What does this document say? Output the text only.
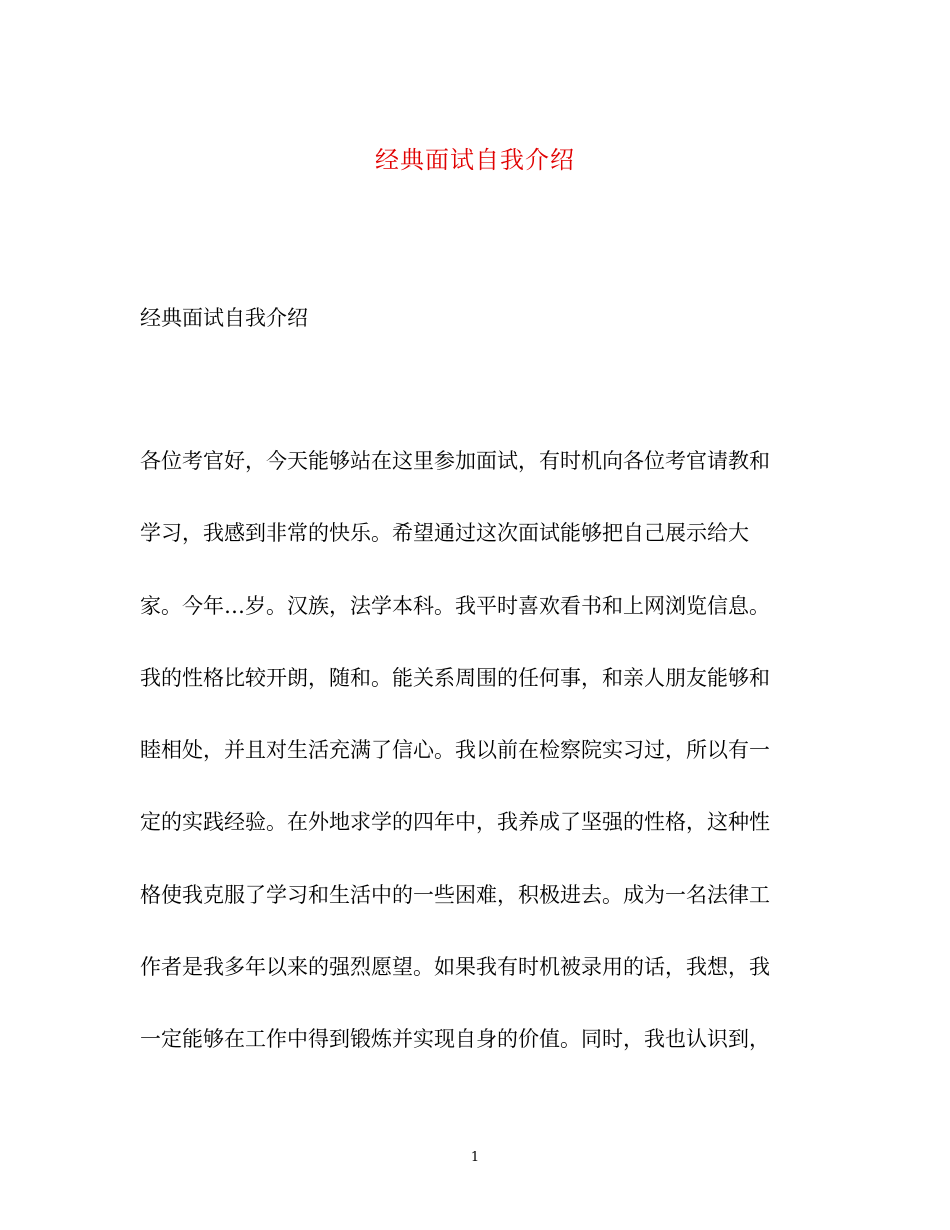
经典面试自我介绍
经典面试自我介绍
各位考官好，今天能够站在这里参加面试，有时机向各位考官请教和
学习，我感到非常的快乐。希望通过这次面试能够把自己展示给大
家。今年…岁。汉族，法学本科。我平时喜欢看书和上网浏览信息。
我的性格比较开朗，随和。能关系周围的任何事，和亲人朋友能够和
睦相处，并且对生活充满了信心。我以前在检察院实习过，所以有一
定的实践经验。在外地求学的四年中，我养成了坚强的性格，这种性
格使我克服了学习和生活中的一些困难，积极进去。成为一名法律工
作者是我多年以来的强烈愿望。如果我有时机被录用的话，我想，我
一定能够在工作中得到锻炼并实现自身的价值。同时，我也认识到，
1
